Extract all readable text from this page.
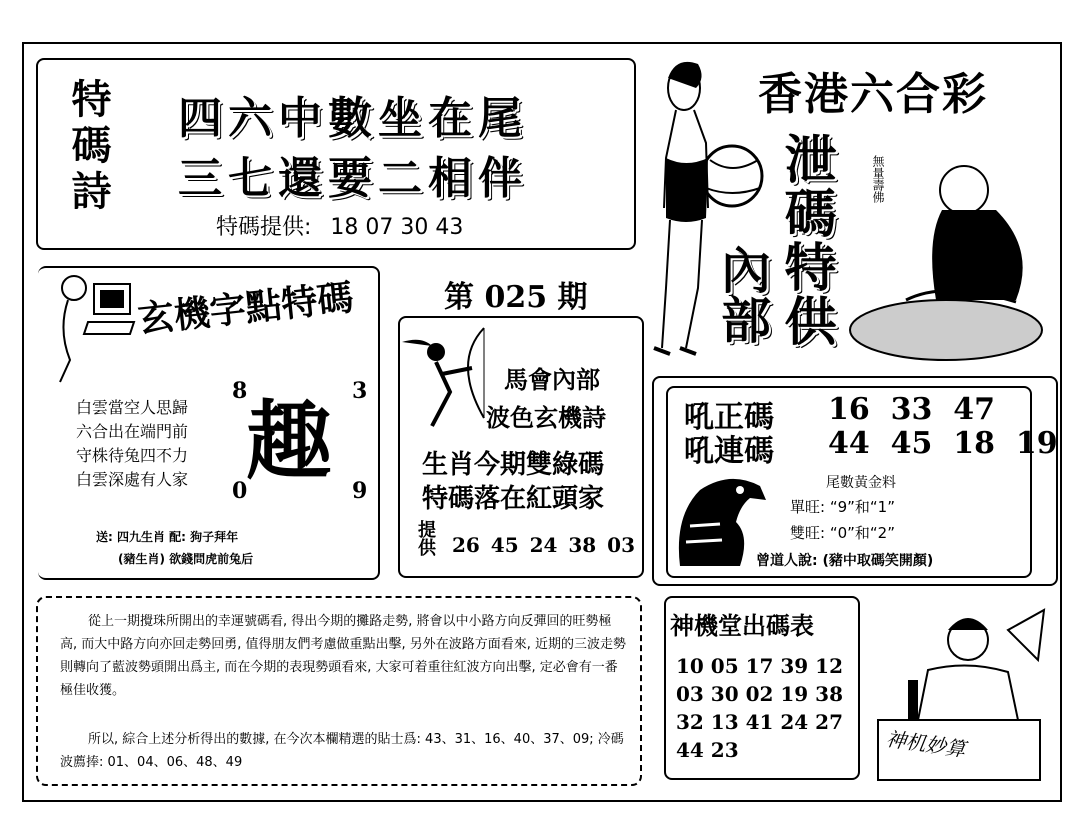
特碼詩 四六中數坐在尾
三七還要二相伴
特碼提供: 18 07 30 43
香港六合彩
泄碼特供
內部
無量壽佛
玄機字點特碼
白雲當空人思歸
六合出在端門前
守株待兔四不力
白雲深處有人家
8	3
0	9
趣
送: 四九生肖 配: 狗子拜年
(豬生肖) 欲錢問虎前兔后
第 025 期
馬會內部
波色玄機詩
生肖今期雙綠碼
特碼落在紅頭家
提供 26 45 24 38 03
吼正碼 16  33  47
吼連碼 44  45  18  19
尾數黃金料
單旺: “9”和“1”
雙旺: “0”和“2”
曾道人說: (豬中取碼笑開顏)
從上一期攪珠所開出的幸運號碼看, 得出今期的攤路走勢, 將會以中小路方向反彈回的旺勢極高, 而大中路方向亦回走勢回勇, 值得朋友們考慮做重點出擊, 另外在波路方面看來, 近期的三波走勢則轉向了藍波勢頭開出爲主, 而在今期的表現勢頭看來, 大家可着重往紅波方向出擊, 定必會有一番極佳收獲。
所以, 綜合上述分析得出的數據, 在今次本欄精選的貼士爲: 43、31、16、40、37、09; 冷碼波薦捧: 01、04、06、48、49
神機堂出碼表
10 05 17 39 12
03 30 02 19 38
32 13 41 24 27
44 23	神机妙算
